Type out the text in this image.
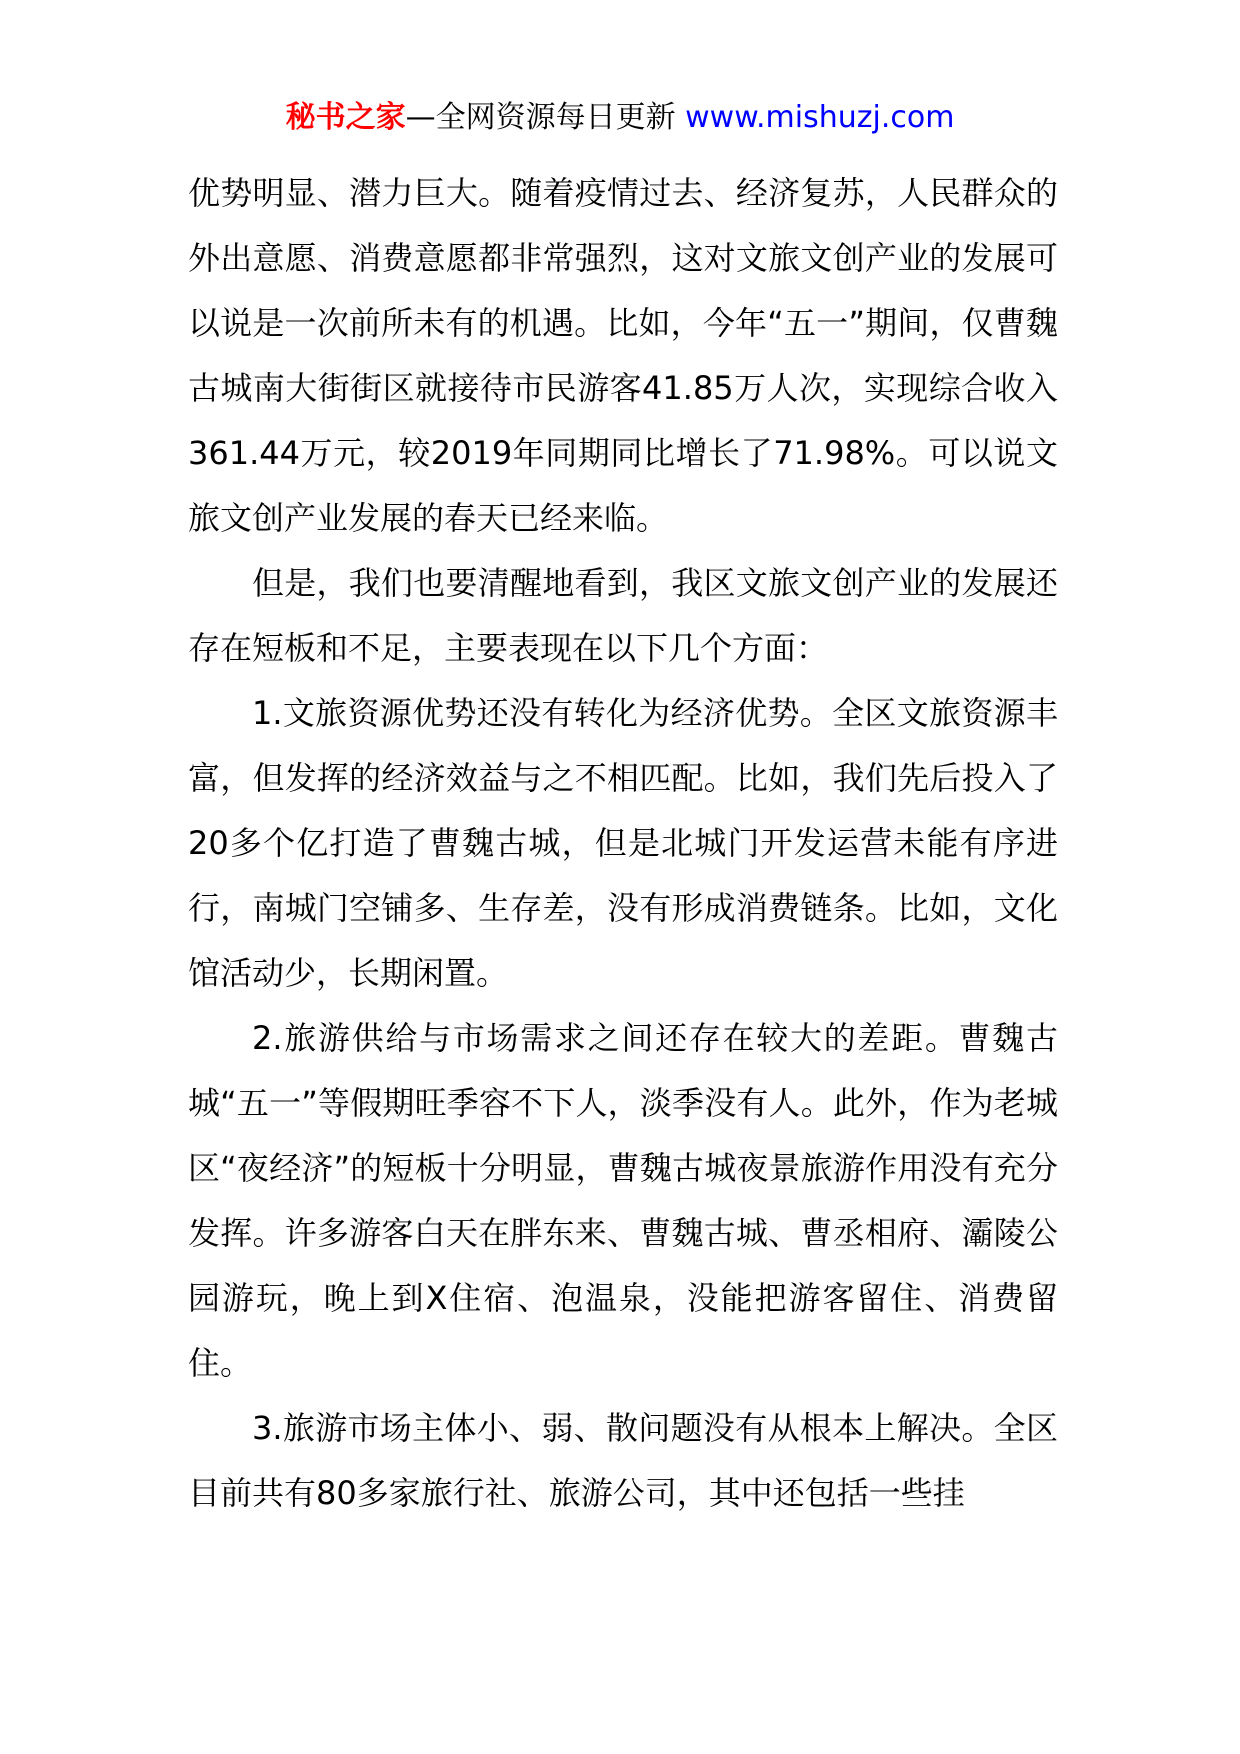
秘书之家—全网资源每日更新 www.mishuzj.com

优势明显、潜力巨大。随着疫情过去、经济复苏，人民群众的外出意愿、消费意愿都非常强烈，这对文旅文创产业的发展可以说是一次前所未有的机遇。比如，今年“五一”期间，仅曹魏古城南大街街区就接待市民游客41.85万人次，实现综合收入361.44万元，较2019年同期同比增长了71.98%。可以说文旅文创产业发展的春天已经来临。

但是，我们也要清醒地看到，我区文旅文创产业的发展还存在短板和不足，主要表现在以下几个方面：

1.文旅资源优势还没有转化为经济优势。全区文旅资源丰富，但发挥的经济效益与之不相匹配。比如，我们先后投入了20多个亿打造了曹魏古城，但是北城门开发运营未能有序进行，南城门空铺多、生存差，没有形成消费链条。比如，文化馆活动少，长期闲置。

2.旅游供给与市场需求之间还存在较大的差距。曹魏古城“五一”等假期旺季容不下人，淡季没有人。此外，作为老城区“夜经济”的短板十分明显，曹魏古城夜景旅游作用没有充分发挥。许多游客白天在胖东来、曹魏古城、曹丞相府、灞陵公园游玩，晚上到X住宿、泡温泉，没能把游客留住、消费留住。

3.旅游市场主体小、弱、散问题没有从根本上解决。全区目前共有80多家旅行社、旅游公司，其中还包括一些挂
